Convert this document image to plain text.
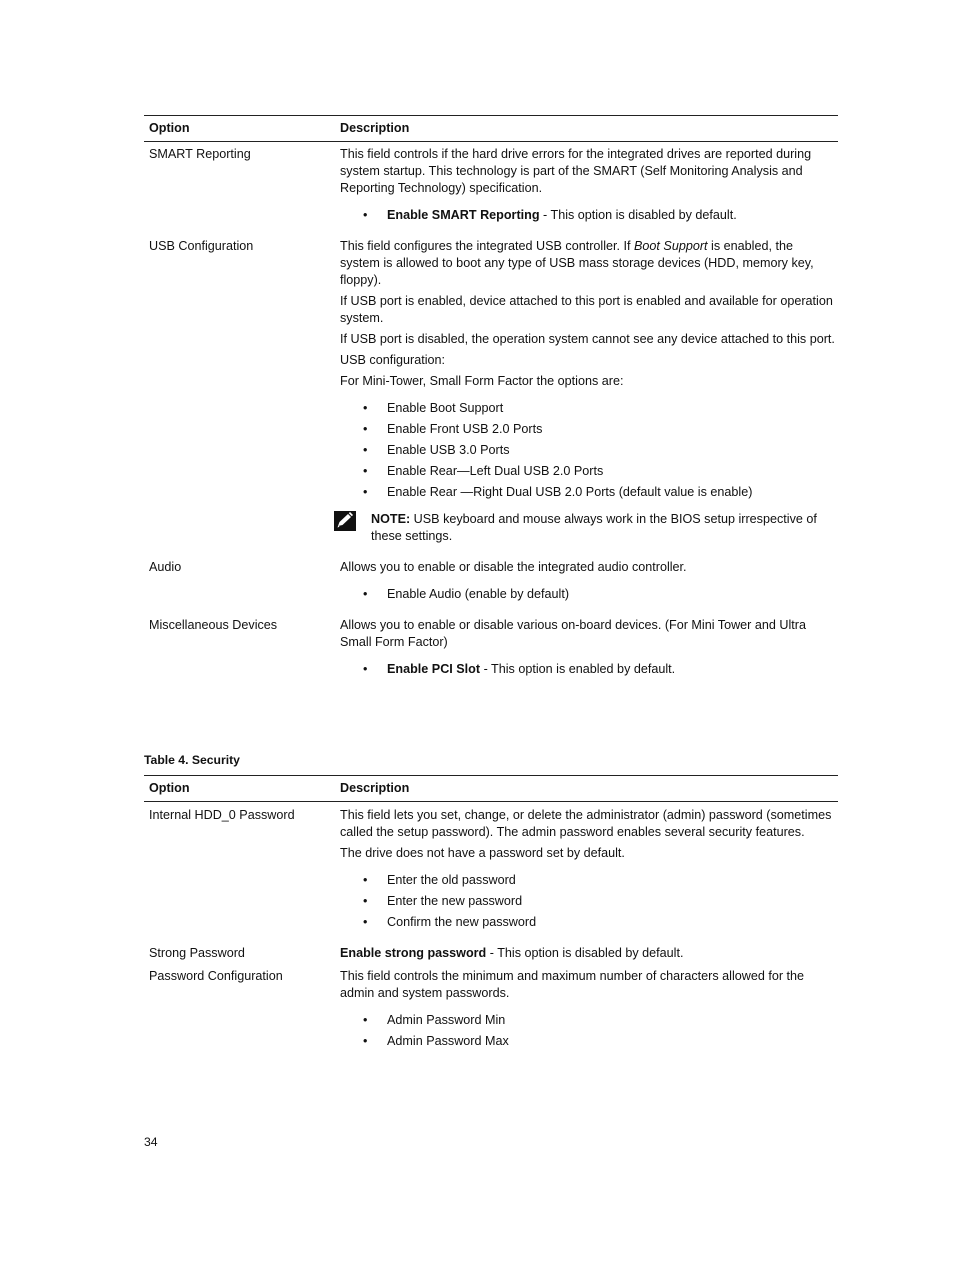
Option	Description
SMART Reporting	This field controls if the hard drive errors for the integrated drives are reported during system startup. This technology is part of the SMART (Self Monitoring Analysis and Reporting Technology) specification.

• Enable SMART Reporting - This option is disabled by default.
USB Configuration	This field configures the integrated USB controller. If Boot Support is enabled, the system is allowed to boot any type of USB mass storage devices (HDD, memory key, floppy).

If USB port is enabled, device attached to this port is enabled and available for operation system.

If USB port is disabled, the operation system cannot see any device attached to this port.

USB configuration:

For Mini-Tower, Small Form Factor the options are:

• Enable Boot Support
• Enable Front USB 2.0 Ports
• Enable USB 3.0 Ports
• Enable Rear—Left Dual USB 2.0 Ports
• Enable Rear —Right Dual USB 2.0 Ports (default value is enable)
NOTE: USB keyboard and mouse always work in the BIOS setup irrespective of these settings.
Audio	Allows you to enable or disable the integrated audio controller.

• Enable Audio (enable by default)
Miscellaneous Devices	Allows you to enable or disable various on-board devices. (For Mini Tower and Ultra Small Form Factor)

• Enable PCI Slot - This option is enabled by default.
Table 4. Security
Option	Description
Internal HDD_0 Password	This field lets you set, change, or delete the administrator (admin) password (sometimes called the setup password). The admin password enables several security features.

The drive does not have a password set by default.

• Enter the old password
• Enter the new password
• Confirm the new password
Strong Password	Enable strong password - This option is disabled by default.

Password Configuration	This field controls the minimum and maximum number of characters allowed for the admin and system passwords.

• Admin Password Min
• Admin Password Max
34
